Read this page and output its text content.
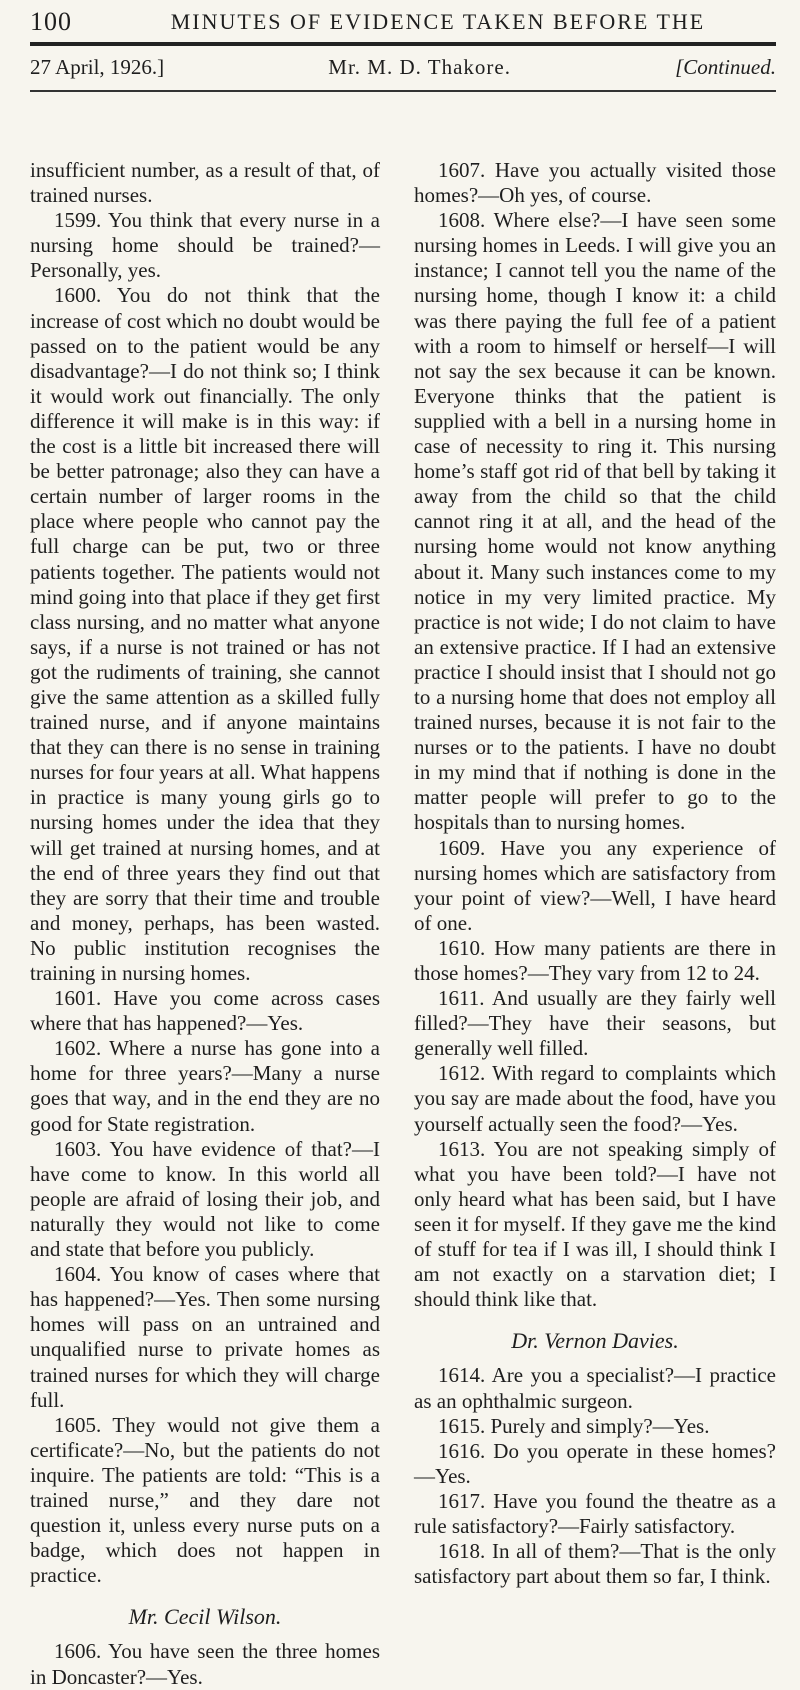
100	MINUTES OF EVIDENCE TAKEN BEFORE THE
27 April, 1926.]	Mr. M. D. Thakore.	[Continued.

insufficient number, as a result of that, of trained nurses.

1599. You think that every nurse in a nursing home should be trained?—Personally, yes.

1600. You do not think that the increase of cost which no doubt would be passed on to the patient would be any disadvantage?—I do not think so; I think it would work out financially. The only difference it will make is in this way: if the cost is a little bit increased there will be better patronage; also they can have a certain number of larger rooms in the place where people who cannot pay the full charge can be put, two or three patients together. The patients would not mind going into that place if they get first class nursing, and no matter what anyone says, if a nurse is not trained or has not got the rudiments of training, she cannot give the same attention as a skilled fully trained nurse, and if anyone maintains that they can there is no sense in training nurses for four years at all. What happens in practice is many young girls go to nursing homes under the idea that they will get trained at nursing homes, and at the end of three years they find out that they are sorry that their time and trouble and money, perhaps, has been wasted. No public institution recognises the training in nursing homes.

1601. Have you come across cases where that has happened?—Yes.

1602. Where a nurse has gone into a home for three years?—Many a nurse goes that way, and in the end they are no good for State registration.

1603. You have evidence of that?—I have come to know. In this world all people are afraid of losing their job, and naturally they would not like to come and state that before you publicly.

1604. You know of cases where that has happened?—Yes. Then some nursing homes will pass on an untrained and unqualified nurse to private homes as trained nurses for which they will charge full.

1605. They would not give them a certificate?—No, but the patients do not inquire. The patients are told: “This is a trained nurse,” and they dare not question it, unless every nurse puts on a badge, which does not happen in practice.

Mr. Cecil Wilson.

1606. You have seen the three homes in Doncaster?—Yes.

1607. Have you actually visited those homes?—Oh yes, of course.

1608. Where else?—I have seen some nursing homes in Leeds. I will give you an instance; I cannot tell you the name of the nursing home, though I know it: a child was there paying the full fee of a patient with a room to himself or herself—I will not say the sex because it can be known. Everyone thinks that the patient is supplied with a bell in a nursing home in case of necessity to ring it. This nursing home’s staff got rid of that bell by taking it away from the child so that the child cannot ring it at all, and the head of the nursing home would not know anything about it. Many such instances come to my notice in my very limited practice. My practice is not wide; I do not claim to have an extensive practice. If I had an extensive practice I should insist that I should not go to a nursing home that does not employ all trained nurses, because it is not fair to the nurses or to the patients. I have no doubt in my mind that if nothing is done in the matter people will prefer to go to the hospitals than to nursing homes.

1609. Have you any experience of nursing homes which are satisfactory from your point of view?—Well, I have heard of one.

1610. How many patients are there in those homes?—They vary from 12 to 24.

1611. And usually are they fairly well filled?—They have their seasons, but generally well filled.

1612. With regard to complaints which you say are made about the food, have you yourself actually seen the food?—Yes.

1613. You are not speaking simply of what you have been told?—I have not only heard what has been said, but I have seen it for myself. If they gave me the kind of stuff for tea if I was ill, I should think I am not exactly on a starvation diet; I should think like that.

Dr. Vernon Davies.

1614. Are you a specialist?—I practice as an ophthalmic surgeon.

1615. Purely and simply?—Yes.

1616. Do you operate in these homes?—Yes.

1617. Have you found the theatre as a rule satisfactory?—Fairly satisfactory.

1618. In all of them?—That is the only satisfactory part about them so far, I think.
